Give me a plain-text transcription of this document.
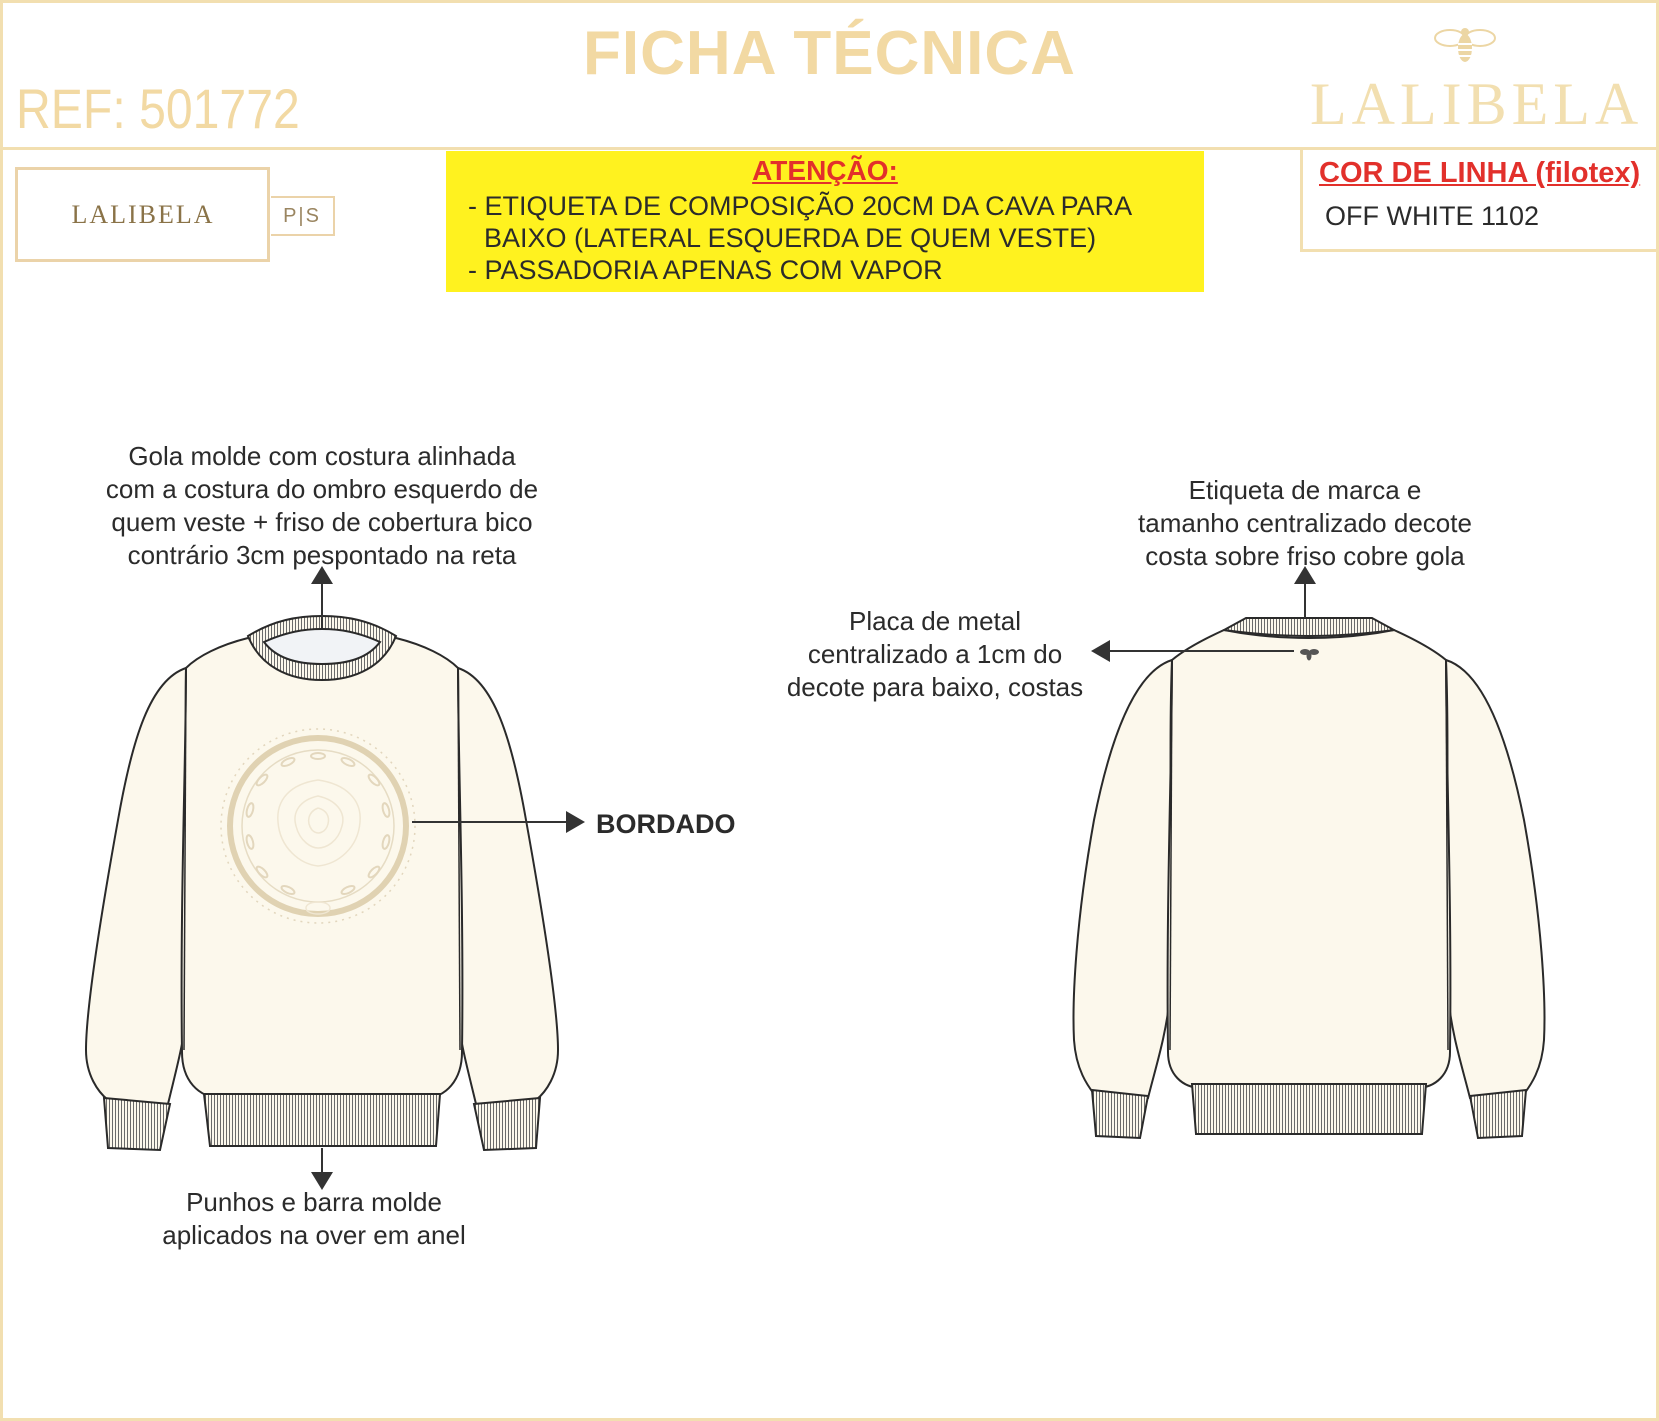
FICHA TÉCNICA
REF: 501772	LALIBELA
LALIBELA	P|S
ATENÇÃO:
- ETIQUETA DE COMPOSIÇÃO 20CM DA CAVA PARA
BAIXO (LATERAL ESQUERDA DE QUEM VESTE)
- PASSADORIA APENAS COM VAPOR
COR DE LINHA (filotex)
OFF WHITE 1102
Gola molde com costura alinhada
com a costura do ombro esquerdo de
quem veste + friso de cobertura bico
contrário 3cm pespontado na reta
BORDADO
Punhos e barra molde
aplicados na over em anel
Etiqueta de marca e
tamanho centralizado decote
costa sobre friso cobre gola
Placa de metal
centralizado a 1cm do
decote para baixo, costas
